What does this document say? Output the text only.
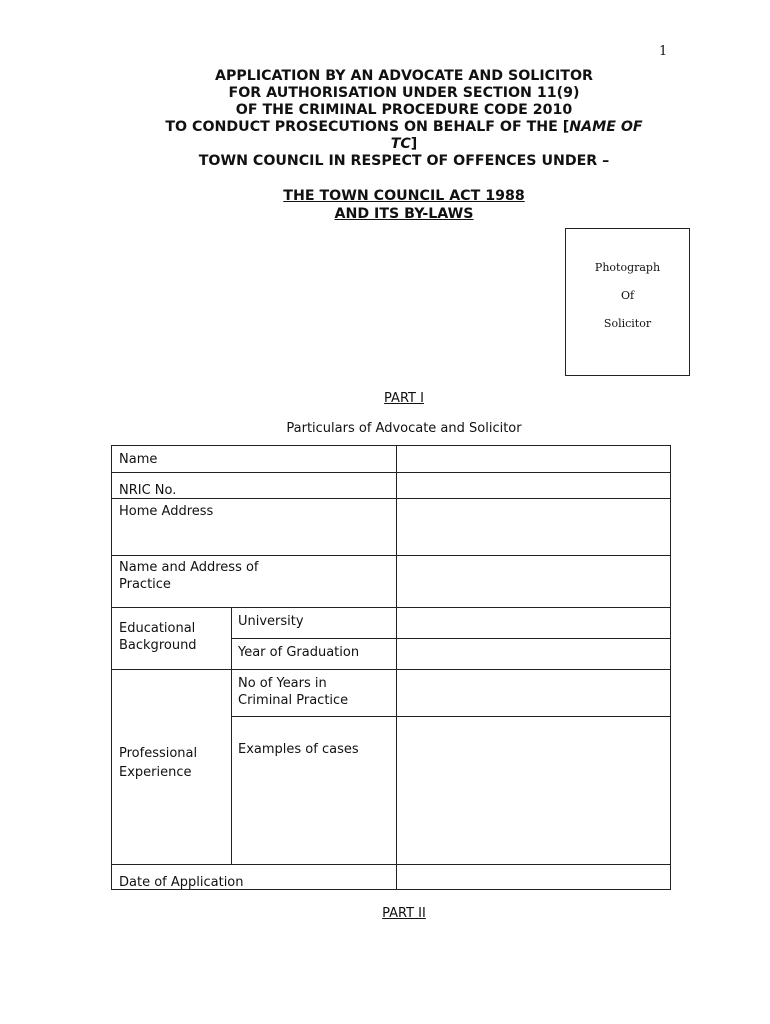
1
APPLICATION BY AN ADVOCATE AND SOLICITOR
FOR AUTHORISATION UNDER SECTION 11(9)
OF THE CRIMINAL PROCEDURE CODE 2010
TO CONDUCT PROSECUTIONS ON BEHALF OF THE [NAME OF
TC]
TOWN COUNCIL IN RESPECT OF OFFENCES UNDER –
THE TOWN COUNCIL ACT 1988
AND ITS BY-LAWS
Photograph
Of
Solicitor
PART I
Particulars of Advocate and Solicitor
Name
NRIC No.
Home Address
Name and Address of
Practice
Educational
Background
University
Year of Graduation
Professional
Experience
No of Years in
Criminal Practice
Examples of cases
Date of Application
PART II
